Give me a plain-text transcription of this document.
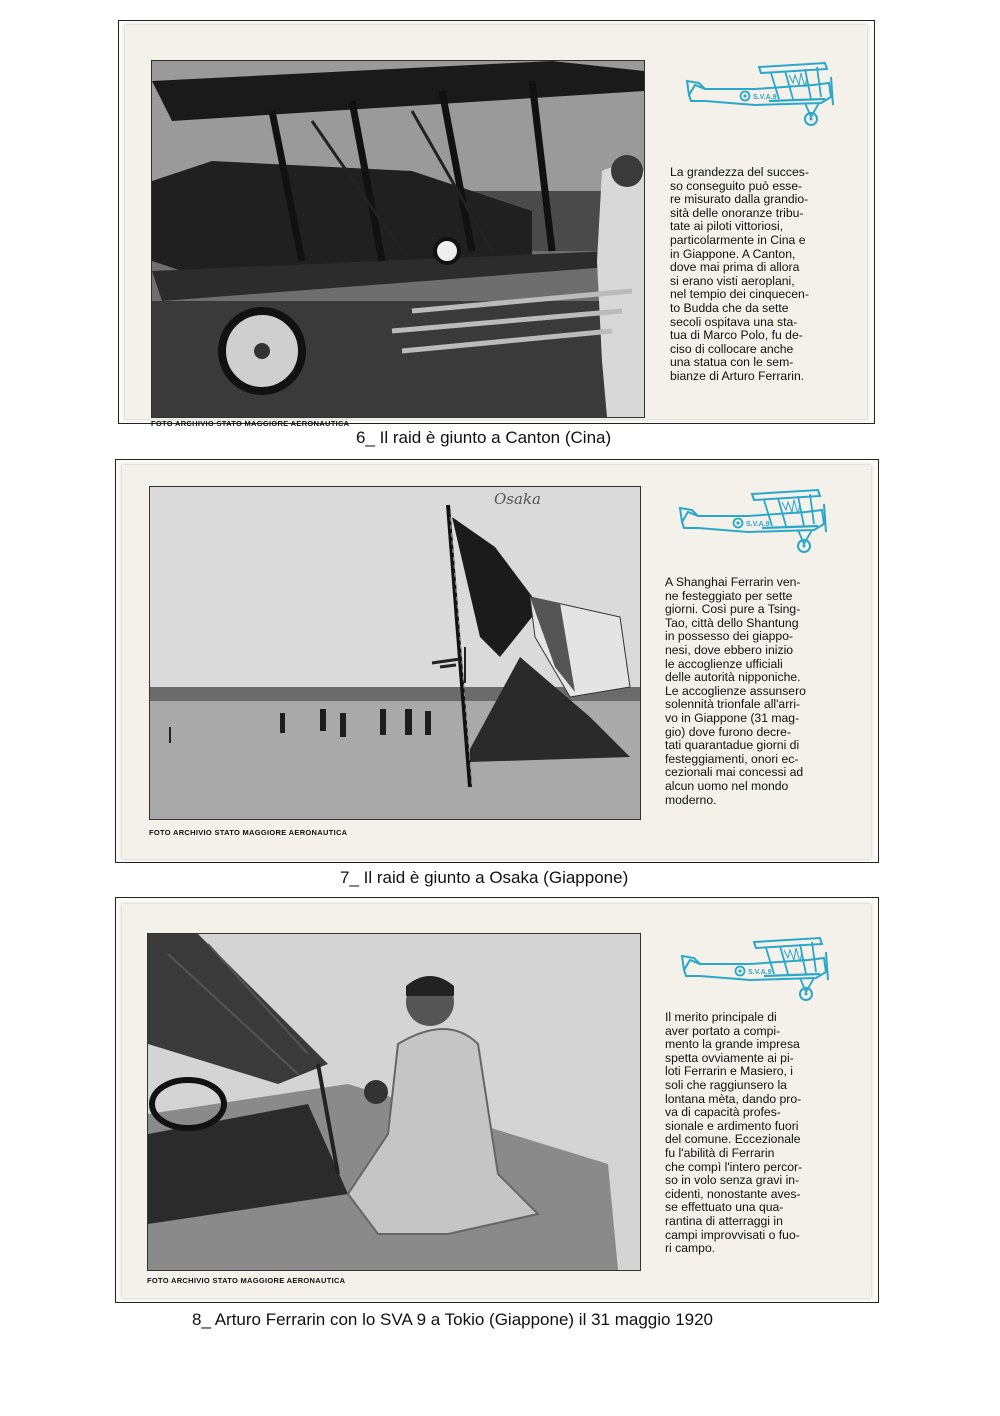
FOTO ARCHIVIO STATO MAGGIORE AERONAUTICA
S.V.A.9

La grandezza del succes-

so conseguito può esse-

re misurato dalla grandio-

sità delle onoranze tribu-

tate ai piloti vittoriosi,

particolarmente in Cina e

in Giappone. A Canton,

dove mai prima di allora

si erano visti aeroplani,

nel tempio dei cinquecen-

to Budda che da sette

secoli ospitava una sta-

tua di Marco Polo, fu de-

ciso di collocare anche

una statua con le sem-

bianze di Arturo Ferrarin.

6_ Il raid è giunto a Canton (Cina)
Osaka
FOTO ARCHIVIO STATO MAGGIORE AERONAUTICA
S.V.A.9

A Shanghai Ferrarin ven-

ne festeggiato per sette

giorni. Così pure a Tsing-

Tao, città dello Shantung

in possesso dei giappo-

nesi, dove ebbero inizio

le accoglienze ufficiali

delle autorità nipponiche.

Le accoglienze assunsero

solennità trionfale all'arri-

vo in Giappone (31 mag-

gio) dove furono decre-

tati quarantadue giorni di

festeggiamenti, onori ec-

cezionali mai concessi ad

alcun uomo nel mondo

moderno.

7_ Il raid è giunto a Osaka (Giappone)
FOTO ARCHIVIO STATO MAGGIORE AERONAUTICA
S.V.A.9

Il merito principale di

aver portato a compi-

mento la grande impresa

spetta ovviamente ai pi-

loti Ferrarin e Masiero, i

soli che raggiunsero la

lontana mèta, dando pro-

va di capacità profes-

sionale e ardimento fuori

del comune. Eccezionale

fu l'abilità di Ferrarin

che compì l'intero percor-

so in volo senza gravi in-

cidenti, nonostante aves-

se effettuato una qua-

rantina di atterraggi in

campi improvvisati o fuo-

ri campo.

8_ Arturo Ferrarin con lo SVA 9 a Tokio (Giappone) il 31 maggio 1920
